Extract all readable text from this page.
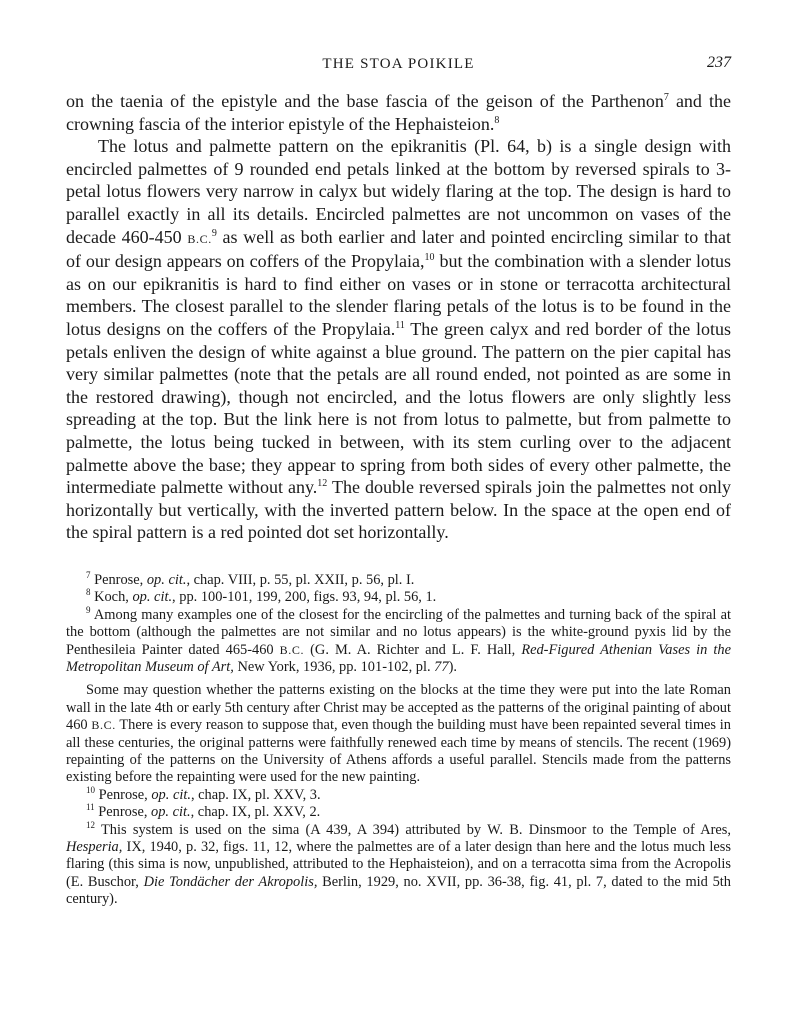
THE STOA POIKILE	237

on the taenia of the epistyle and the base fascia of the geison of the Parthenon$^7$ and the crowning fascia of the interior epistyle of the Hephaisteion.$^8$

The lotus and palmette pattern on the epikranitis (Pl. 64, b) is a single design with encircled palmettes of 9 rounded end petals linked at the bottom by reversed spirals to 3-petal lotus flowers very narrow in calyx but widely flaring at the top. The design is hard to parallel exactly in all its details. Encircled palmettes are not uncommon on vases of the decade 460-450 B.C.$^9$ as well as both earlier and later and pointed encircling similar to that of our design appears on coffers of the Propylaia,$^{10}$ but the combination with a slender lotus as on our epikranitis is hard to find either on vases or in stone or terracotta architectural members. The closest parallel to the slender flaring petals of the lotus is to be found in the lotus designs on the coffers of the Propylaia.$^{11}$ The green calyx and red border of the lotus petals enliven the design of white against a blue ground. The pattern on the pier capital has very similar palmettes (note that the petals are all round ended, not pointed as are some in the restored drawing), though not encircled, and the lotus flowers are only slightly less spreading at the top. But the link here is not from lotus to palmette, but from palmette to palmette, the lotus being tucked in between, with its stem curling over to the adjacent palmette above the base; they appear to spring from both sides of every other palmette, the intermediate palmette without any.$^{12}$ The double reversed spirals join the palmettes not only horizontally but vertically, with the inverted pattern below. In the space at the open end of the spiral pattern is a red pointed dot set horizontally.

$^7$ Penrose, op. cit., chap. VIII, p. 55, pl. XXII, p. 56, pl. I.

$^8$ Koch, op. cit., pp. 100-101, 199, 200, figs. 93, 94, pl. 56, 1.

$^9$ Among many examples one of the closest for the encircling of the palmettes and turning back of the spiral at the bottom (although the palmettes are not similar and no lotus appears) is the white-ground pyxis lid by the Penthesileia Painter dated 465-460 B.C. (G. M. A. Richter and L. F. Hall, Red-Figured Athenian Vases in the Metropolitan Museum of Art, New York, 1936, pp. 101-102, pl. 77).

Some may question whether the patterns existing on the blocks at the time they were put into the late Roman wall in the late 4th or early 5th century after Christ may be accepted as the patterns of the original painting of about 460 B.C. There is every reason to suppose that, even though the building must have been repainted several times in all these centuries, the original patterns were faithfully renewed each time by means of stencils. The recent (1969) repainting of the patterns on the University of Athens affords a useful parallel. Stencils made from the patterns existing before the repainting were used for the new painting.

$^{10}$ Penrose, op. cit., chap. IX, pl. XXV, 3.

$^{11}$ Penrose, op. cit., chap. IX, pl. XXV, 2.

$^{12}$ This system is used on the sima (A 439, A 394) attributed by W. B. Dinsmoor to the Temple of Ares, Hesperia, IX, 1940, p. 32, figs. 11, 12, where the palmettes are of a later design than here and the lotus much less flaring (this sima is now, unpublished, attributed to the Hephaisteion), and on a terracotta sima from the Acropolis (E. Buschor, Die Tondächer der Akropolis, Berlin, 1929, no. XVII, pp. 36-38, fig. 41, pl. 7, dated to the mid 5th century).
